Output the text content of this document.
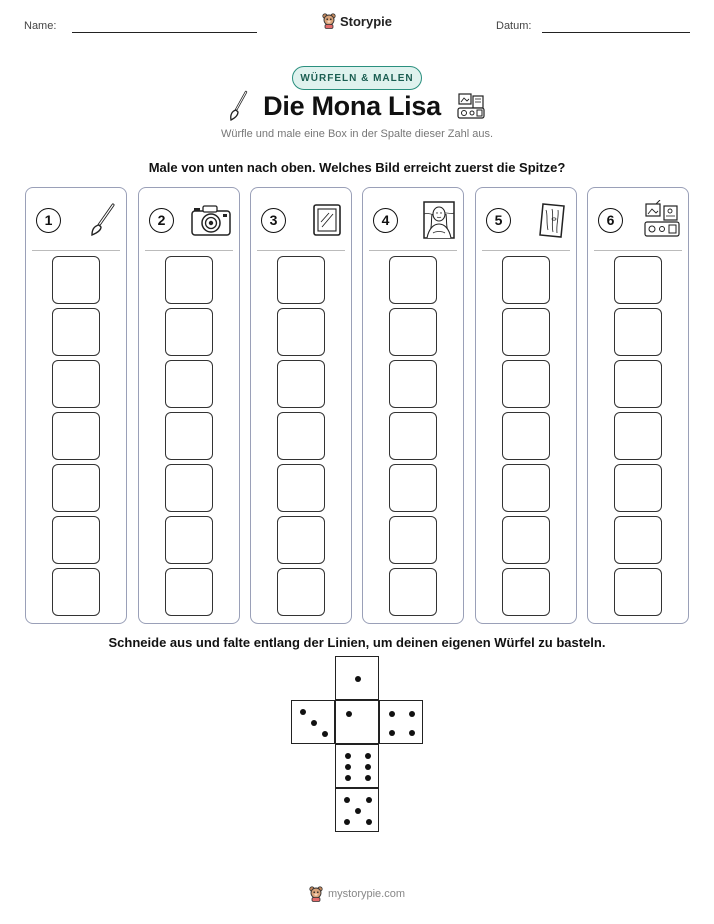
Name:	Storypie	Datum:
WÜRFELN & MALEN
Die Mona Lisa
Würfle und male eine Box in der Spalte dieser Zahl aus.
Male von unten nach oben. Welches Bild erreicht zuerst die Spitze?
1	2	3	4	5	6
Schneide aus und falte entlang der Linien, um deinen eigenen Würfel zu basteln.
mystorypie.com
